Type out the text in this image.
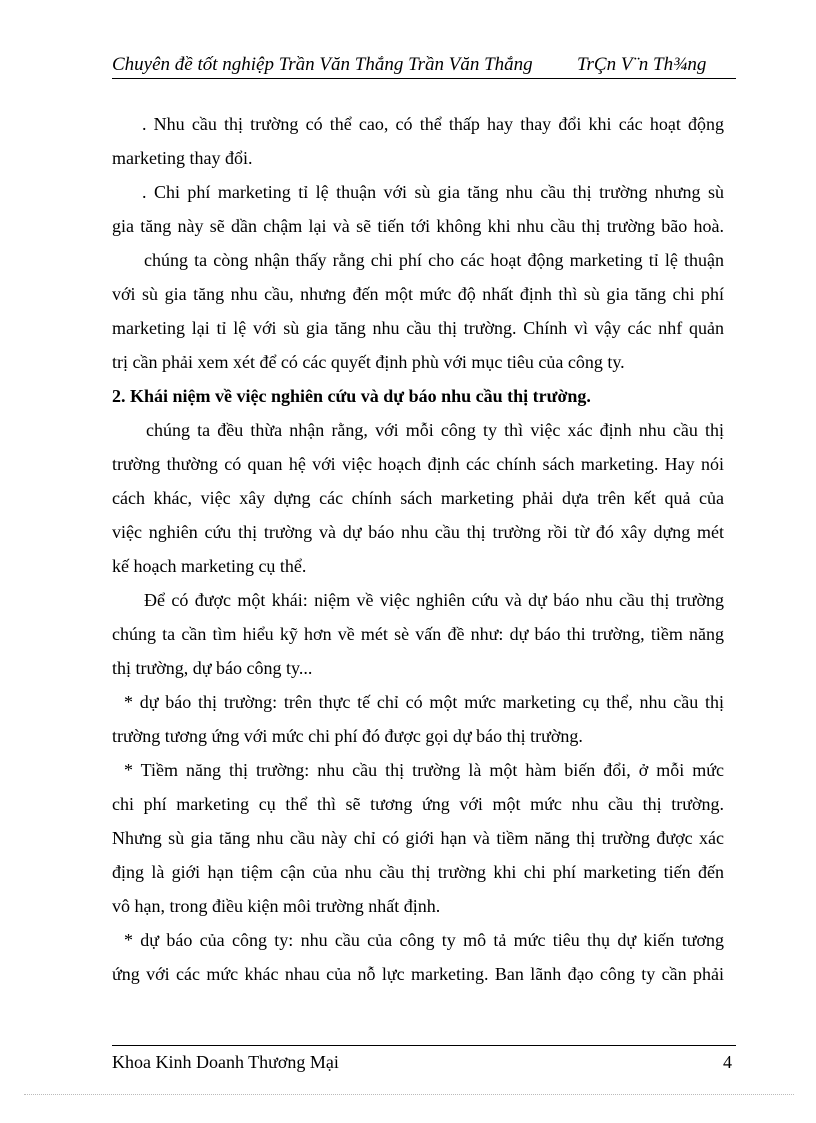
Chuyên đề tốt nghiệp Trần Văn Thắng Trần Văn Thắng TrÇn V¨n Th¾ng
. Nhu cầu thị trường có thể cao, có thể thấp hay thay đổi khi các hoạt động
marketing thay đổi.
. Chi phí marketing tỉ lệ thuận với sù gia tăng nhu cầu thị trường nhưng sù
gia tăng này sẽ dần chậm lại và sẽ tiến tới không khi nhu cầu thị trường bão hoà.
chúng ta còng nhận thấy rằng chi phí cho các hoạt động marketing tỉ lệ thuận
với sù gia tăng nhu cầu, nhưng đến một mức độ nhất định thì sù gia tăng chi phí
marketing lại tỉ lệ với sù gia tăng nhu cầu thị trường. Chính vì vậy các nhf quản
trị cần phải xem xét để có các quyết định phù với mục tiêu của công ty.
2. Khái niệm về việc nghiên cứu và dự báo nhu cầu thị trường.
chúng ta đều thừa nhận rằng, với mỗi công ty thì việc xác định nhu cầu thị
trường thường có quan hệ với việc hoạch định các chính sách marketing. Hay nói
cách khác, việc xây dựng các chính sách marketing phải dựa trên kết quả của
việc nghiên cứu thị trường và dự báo nhu cầu thị trường rồi từ đó xây dựng mét
kế hoạch marketing cụ thể.
Để có được một khái: niệm về việc nghiên cứu và dự báo nhu cầu thị trường
chúng ta cần tìm hiểu kỹ hơn về mét sè vấn đề như: dự báo thi trường, tiềm năng
thị trường, dự báo công ty...
* dự báo thị trường: trên thực tế chỉ có một mức marketing cụ thể, nhu cầu thị
trường tương ứng với mức chi phí đó được gọi dự báo thị trường.
* Tiềm năng thị trường: nhu cầu thị trường là một hàm biến đổi, ở mỗi mức
chi phí marketing cụ thể thì sẽ tương ứng với một mức nhu cầu thị trường.
Nhưng sù gia tăng nhu cầu này chỉ có giới hạn và tiềm năng thị trường được xác
địng là giới hạn tiệm cận của nhu cầu thị trường khi chi phí marketing tiến đến
vô hạn, trong điều kiện môi trường nhất định.
* dự báo của công ty: nhu cầu của công ty mô tả mức tiêu thụ dự kiến tương
ứng với các mức khác nhau của nỗ lực marketing. Ban lãnh đạo công ty cần phải
Khoa Kinh Doanh Thương Mại	4
